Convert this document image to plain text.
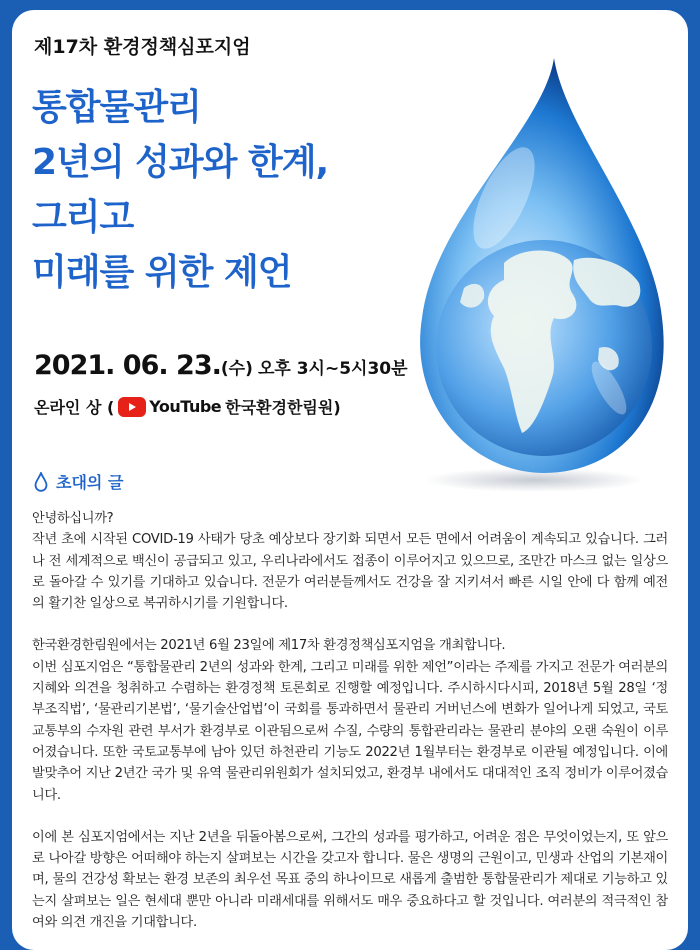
제17차 환경정책심포지엄
통합물관리
2년의 성과와 한계,
그리고
미래를 위한 제언
2021. 06. 23.(수) 오후 3시~5시30분
온라인 상 ( YouTube 한국환경한림원)
초대의 글

안녕하십니까?

작년 초에 시작된 COVID-19 사태가 당초 예상보다 장기화 되면서 모든 면에서 어려움이 계속되고 있습니다. 그러나 전 세계적으로 백신이 공급되고 있고, 우리나라에서도 접종이 이루어지고 있으므로, 조만간 마스크 없는 일상으로 돌아갈 수 있기를 기대하고 있습니다. 전문가 여러분들께서도 건강을 잘 지키셔서 빠른 시일 안에 다 함께 예전의 활기찬 일상으로 복귀하시기를 기원합니다.

한국환경한림원에서는 2021년 6월 23일에 제17차 환경정책심포지엄을 개최합니다.

이번 심포지엄은 “통합물관리 2년의 성과와 한계, 그리고 미래를 위한 제언”이라는 주제를 가지고 전문가 여러분의 지혜와 의견을 청취하고 수렴하는 환경정책 토론회로 진행할 예정입니다. 주시하시다시피, 2018년 5월 28일 ‘정부조직법’, ‘물관리기본법’, ‘물기술산업법’이 국회를 통과하면서 물관리 거버넌스에 변화가 일어나게 되었고, 국토교통부의 수자원 관련 부서가 환경부로 이관됨으로써 수질, 수량의 통합관리라는 물관리 분야의 오랜 숙원이 이루어졌습니다. 또한 국토교통부에 남아 있던 하천관리 기능도 2022년 1월부터는 환경부로 이관될 예정입니다. 이에 발맞추어 지난 2년간 국가 및 유역 물관리위원회가 설치되었고, 환경부 내에서도 대대적인 조직 정비가 이루어졌습니다.

이에 본 심포지엄에서는 지난 2년을 뒤돌아봄으로써, 그간의 성과를 평가하고, 어려운 점은 무엇이었는지, 또 앞으로 나아갈 방향은 어떠해야 하는지 살펴보는 시간을 갖고자 합니다. 물은 생명의 근원이고, 민생과 산업의 기본재이며, 물의 건강성 확보는 환경 보존의 최우선 목표 중의 하나이므로 새롭게 출범한 통합물관리가 제대로 기능하고 있는지 살펴보는 일은 현세대 뿐만 아니라 미래세대를 위해서도 매우 중요하다고 할 것입니다. 여러분의 적극적인 참여와 의견 개진을 기대합니다.
